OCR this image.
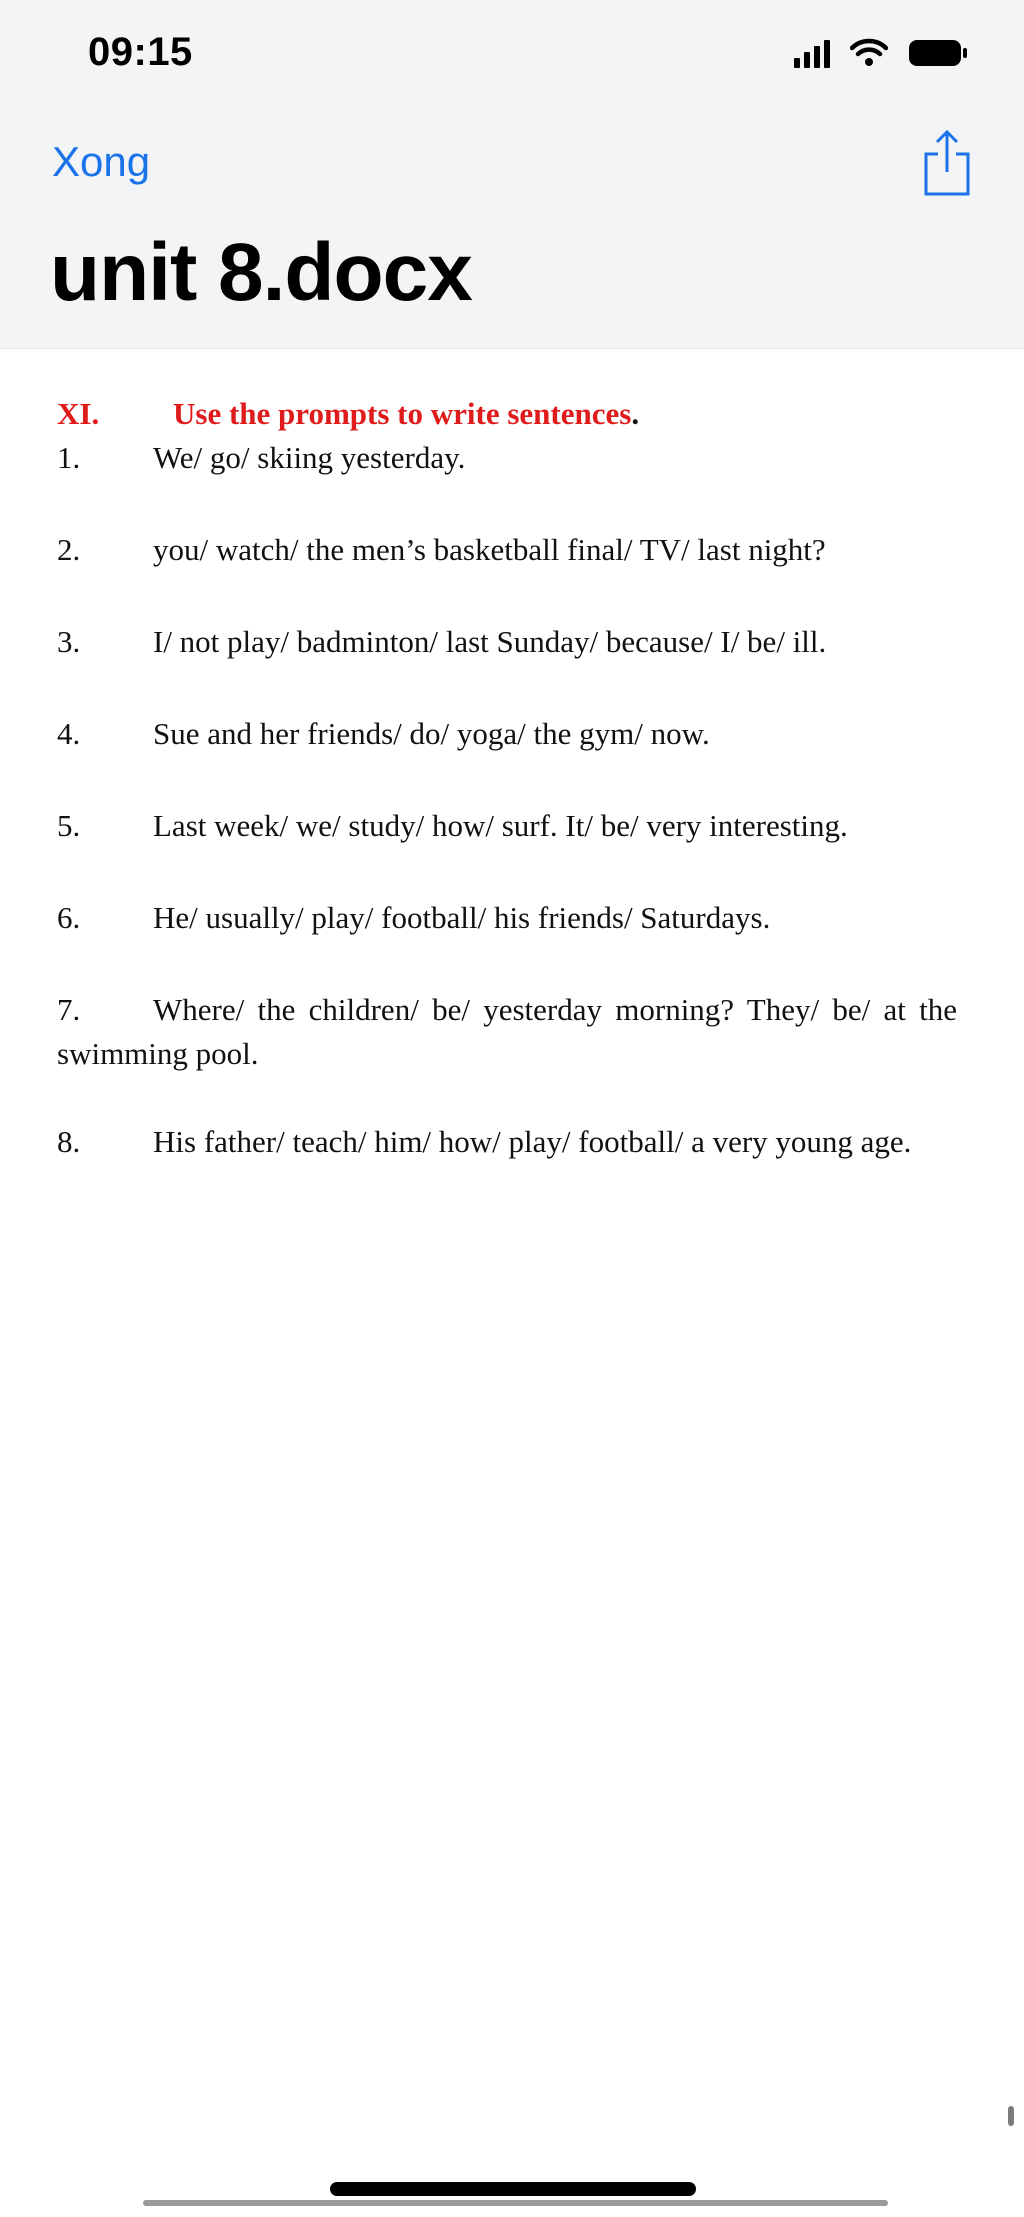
09:15
Xong
unit 8.docx
XI. Use the prompts to write sentences.
1. We/ go/ skiing yesterday.
2. you/ watch/ the men’s basketball final/ TV/ last night?
3. I/ not play/ badminton/ last Sunday/ because/ I/ be/ ill.
4. Sue and her friends/ do/ yoga/ the gym/ now.
5. Last week/ we/ study/ how/ surf. It/ be/ very interesting.
6. He/ usually/ play/ football/ his friends/ Saturdays.
7. Where/ the children/ be/ yesterday morning? They/ be/ at the swimming pool.
8. His father/ teach/ him/ how/ play/ football/ a very young age.
